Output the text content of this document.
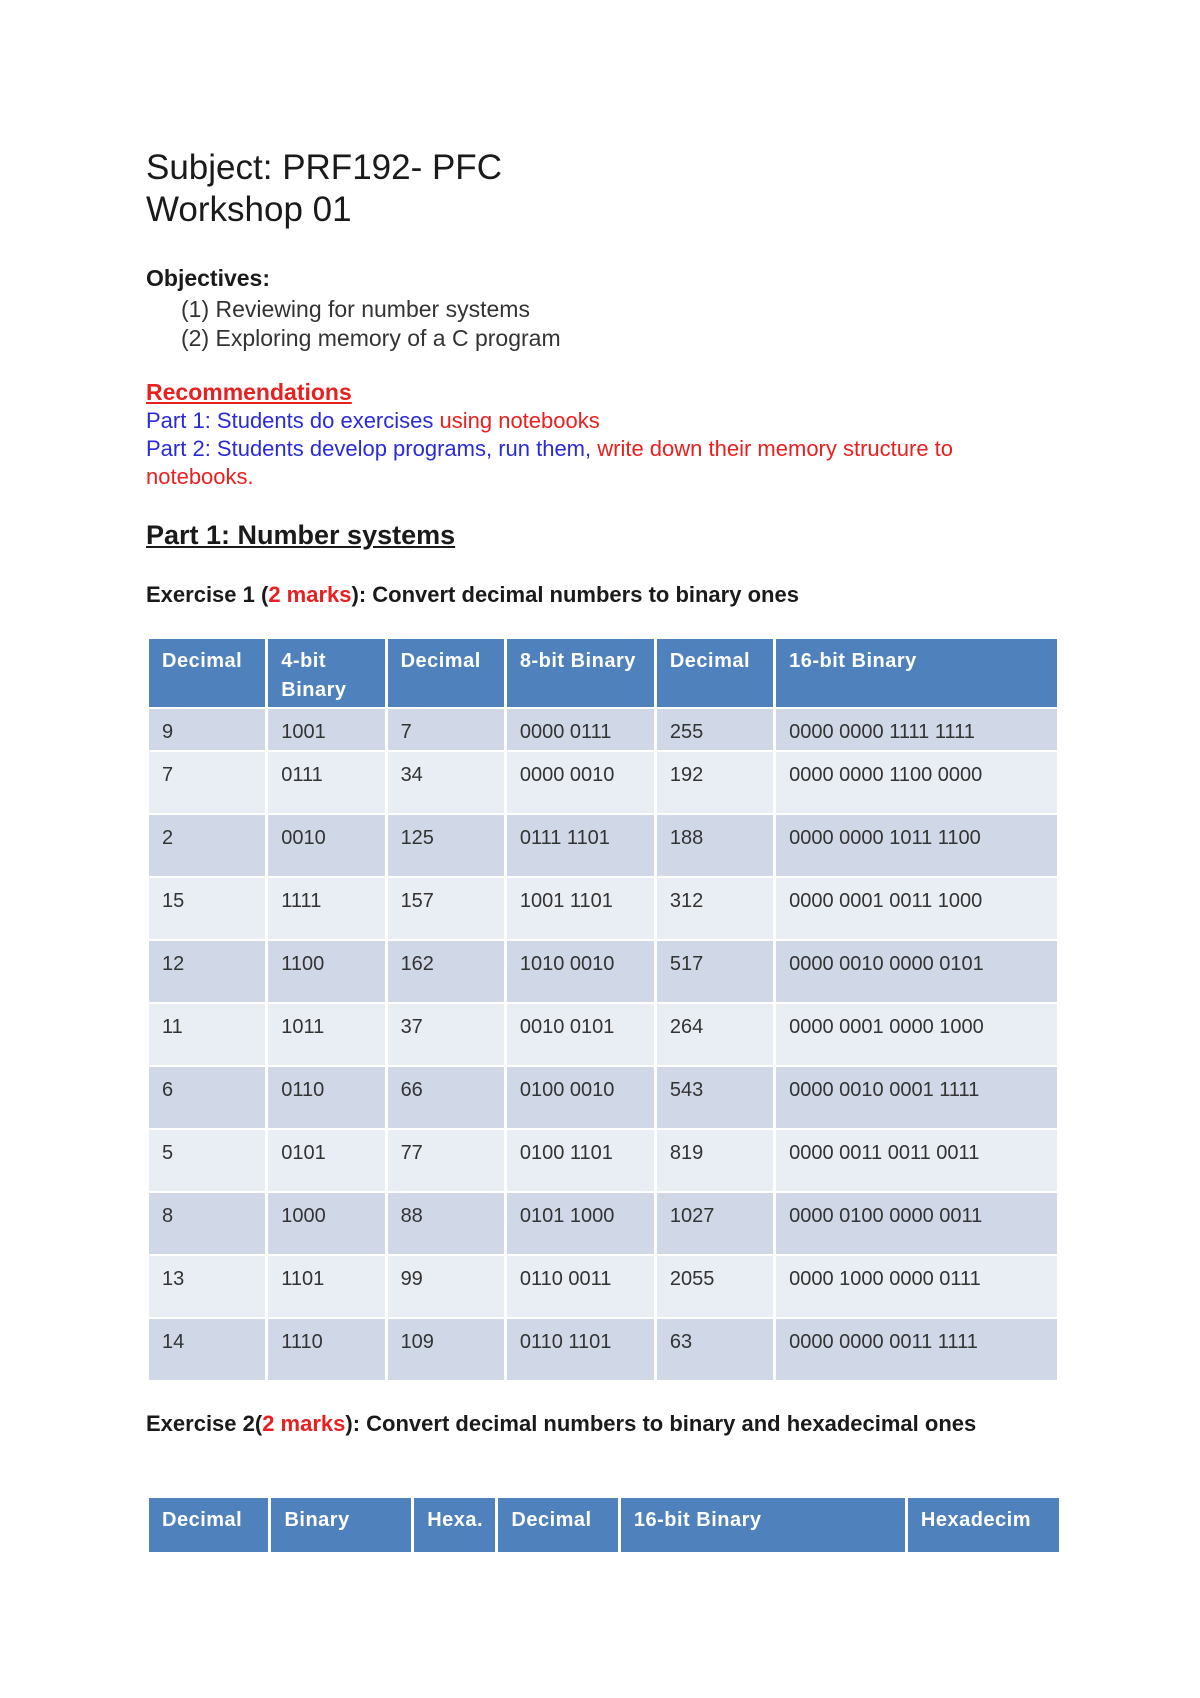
Subject: PRF192- PFC
Workshop 01
Objectives:
(1) Reviewing for number systems
(2) Exploring memory of a C program
Recommendations
Part 1: Students do exercises using notebooks
Part 2: Students develop programs, run them, write down their memory structure to
notebooks.
Part 1: Number systems
Exercise 1 (2 marks): Convert decimal numbers to binary ones
Decimal	4-bit Binary	Decimal	8-bit Binary	Decimal	16-bit Binary
9	1001	7	0000 0111	255	0000 0000 1111 1111
7	0111	34	0000 0010	192	0000 0000 1100 0000
2	0010	125	0111 1101	188	0000 0000 1011 1100
15	1111	157	1001 1101	312	0000 0001 0011 1000
12	1100	162	1010 0010	517	0000 0010 0000 0101
11	1011	37	0010 0101	264	0000 0001 0000 1000
6	0110	66	0100 0010	543	0000 0010 0001 1111
5	0101	77	0100 1101	819	0000 0011 0011 0011
8	1000	88	0101 1000	1027	0000 0100 0000 0011
13	1101	99	0110 0011	2055	0000 1000 0000 0111
14	1110	109	0110 1101	63	0000 0000 0011 1111
Exercise 2(2 marks): Convert decimal numbers to binary and hexadecimal ones
Decimal	Binary	Hexa.	Decimal	16-bit Binary	Hexadecim
